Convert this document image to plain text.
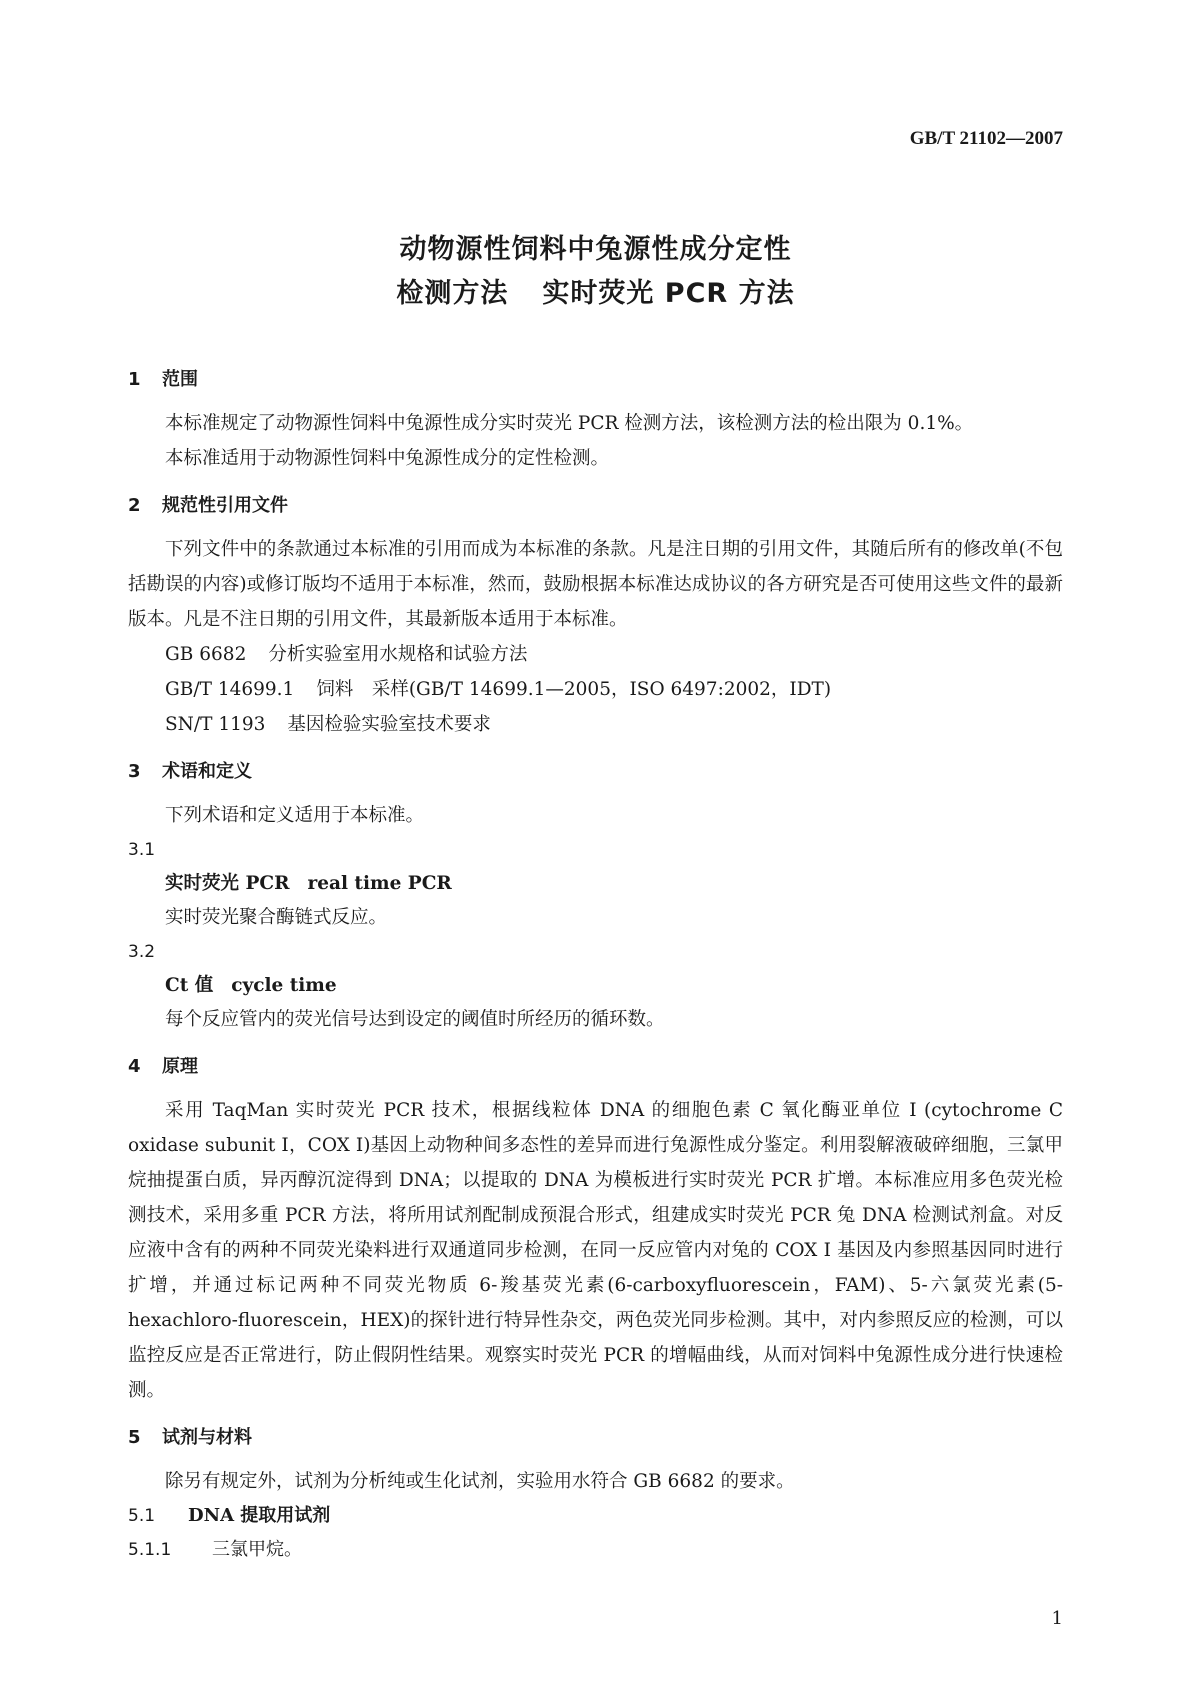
GB/T 21102—2007
动物源性饲料中兔源性成分定性
检测方法 实时荧光 PCR 方法
1 范围

本标准规定了动物源性饲料中兔源性成分实时荧光 PCR 检测方法，该检测方法的检出限为 0.1%。

本标准适用于动物源性饲料中兔源性成分的定性检测。

2 规范性引用文件

下列文件中的条款通过本标准的引用而成为本标准的条款。凡是注日期的引用文件，其随后所有的修改单(不包括勘误的内容)或修订版均不适用于本标准，然而，鼓励根据本标准达成协议的各方研究是否可使用这些文件的最新版本。凡是不注日期的引用文件，其最新版本适用于本标准。

GB 6682 分析实验室用水规格和试验方法

GB/T 14699.1 饲料　采样(GB/T 14699.1—2005，ISO 6497:2002，IDT)

SN/T 1193 基因检验实验室技术要求

3 术语和定义

下列术语和定义适用于本标准。

3.1

实时荧光 PCR real time PCR

实时荧光聚合酶链式反应。

3.2

Ct 值 cycle time

每个反应管内的荧光信号达到设定的阈值时所经历的循环数。

4 原理

采用 TaqMan 实时荧光 PCR 技术，根据线粒体 DNA 的细胞色素 C 氧化酶亚单位 I (cytochrome C oxidase subunit I，COX I)基因上动物种间多态性的差异而进行兔源性成分鉴定。利用裂解液破碎细胞，三氯甲烷抽提蛋白质，异丙醇沉淀得到 DNA；以提取的 DNA 为模板进行实时荧光 PCR 扩增。本标准应用多色荧光检测技术，采用多重 PCR 方法，将所用试剂配制成预混合形式，组建成实时荧光 PCR 兔 DNA 检测试剂盒。对反应液中含有的两种不同荧光染料进行双通道同步检测，在同一反应管内对兔的 COX I 基因及内参照基因同时进行扩增，并通过标记两种不同荧光物质 6-羧基荧光素(6-carboxyfluorescein，FAM)、5-六氯荧光素(5-hexachloro-fluorescein，HEX)的探针进行特异性杂交，两色荧光同步检测。其中，对内参照反应的检测，可以监控反应是否正常进行，防止假阴性结果。观察实时荧光 PCR 的增幅曲线，从而对饲料中兔源性成分进行快速检测。

5 试剂与材料

除另有规定外，试剂为分析纯或生化试剂，实验用水符合 GB 6682 的要求。

5.1 DNA 提取用试剂

5.1.1 三氯甲烷。

1
